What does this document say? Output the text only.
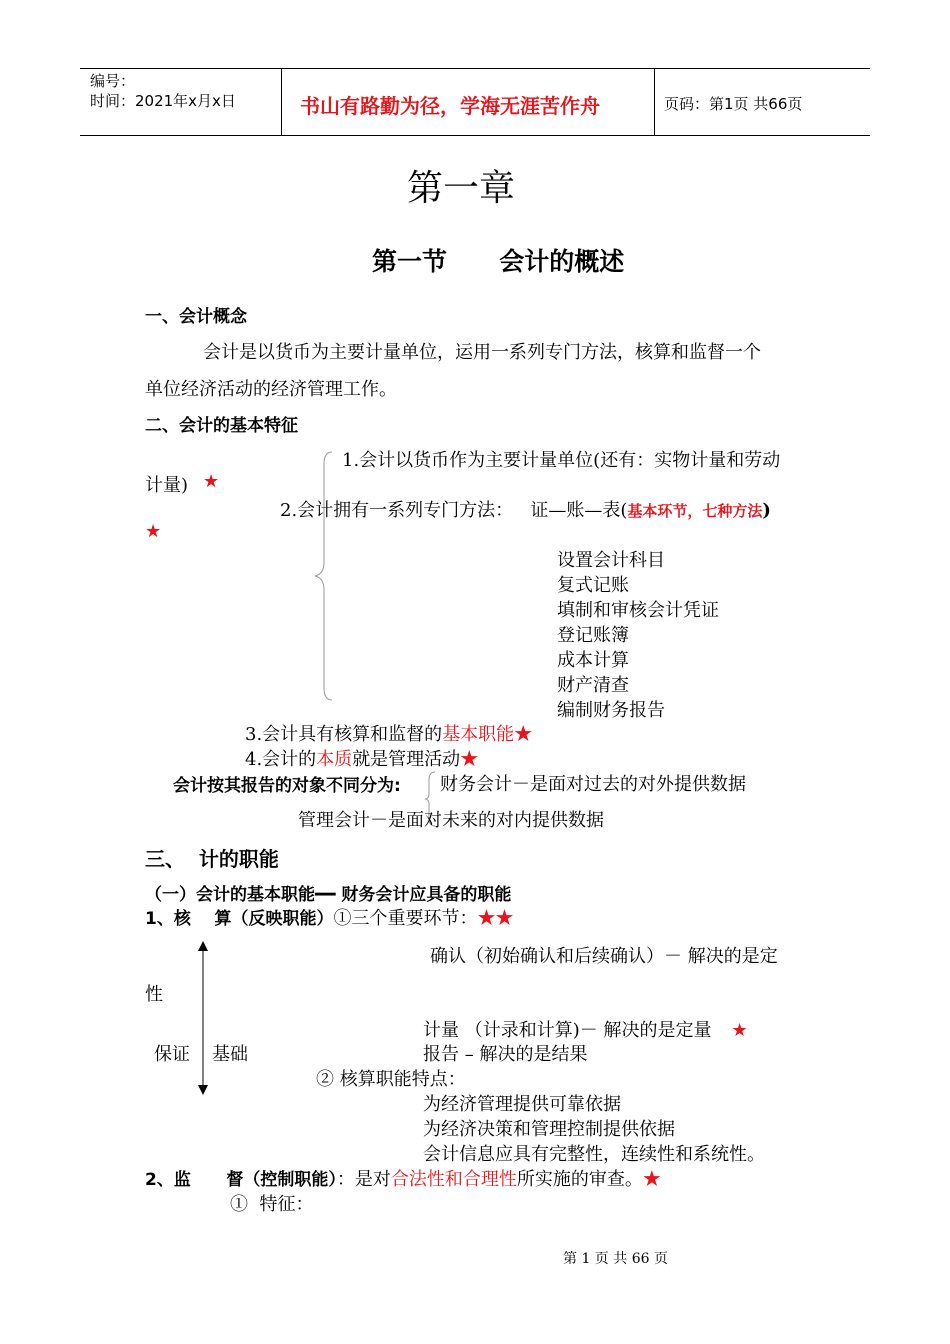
编号：
时间：2021年x月x日	书山有路勤为径，学海无涯苦作舟	页码：第1页 共66页
第一章
第一节      会计的概述
一、会计概念
会计是以货币为主要计量单位，运用一系列专门方法，核算和监督一个
单位经济活动的经济管理工作。
二、会计的基本特征
1.会计以货币作为主要计量单位(还有：实物计量和劳动
计量) ★
2.会计拥有一系列专门方法：   证—账—表(基本环节，七种方法)
★
设置会计科目
复式记账
填制和审核会计凭证
登记账簿
成本计算
财产清查
编制财务报告
3.会计具有核算和监督的基本职能★
4.会计的本质就是管理活动★
会计按其报告的对象不同分为: 财务会计－是面对过去的对外提供数据
管理会计－是面对未来的对内提供数据
三、  计的职能
（一）会计的基本职能━━ 财务会计应具备的职能
1、核    算（反映职能）①三个重要环节：★★
确认（初始确认和后续确认）－ 解决的是定
性
计量 （计录和计算)－ 解决的是定量 ★
保证 基础	报告 – 解决的是结果
② 核算职能特点：
为经济管理提供可靠依据
为经济决策和管理控制提供依据
会计信息应具有完整性，连续性和系统性。
2、监      督（控制职能）：是对合法性和合理性所实施的审查。★
①  特征：
第 1 页 共 66 页
